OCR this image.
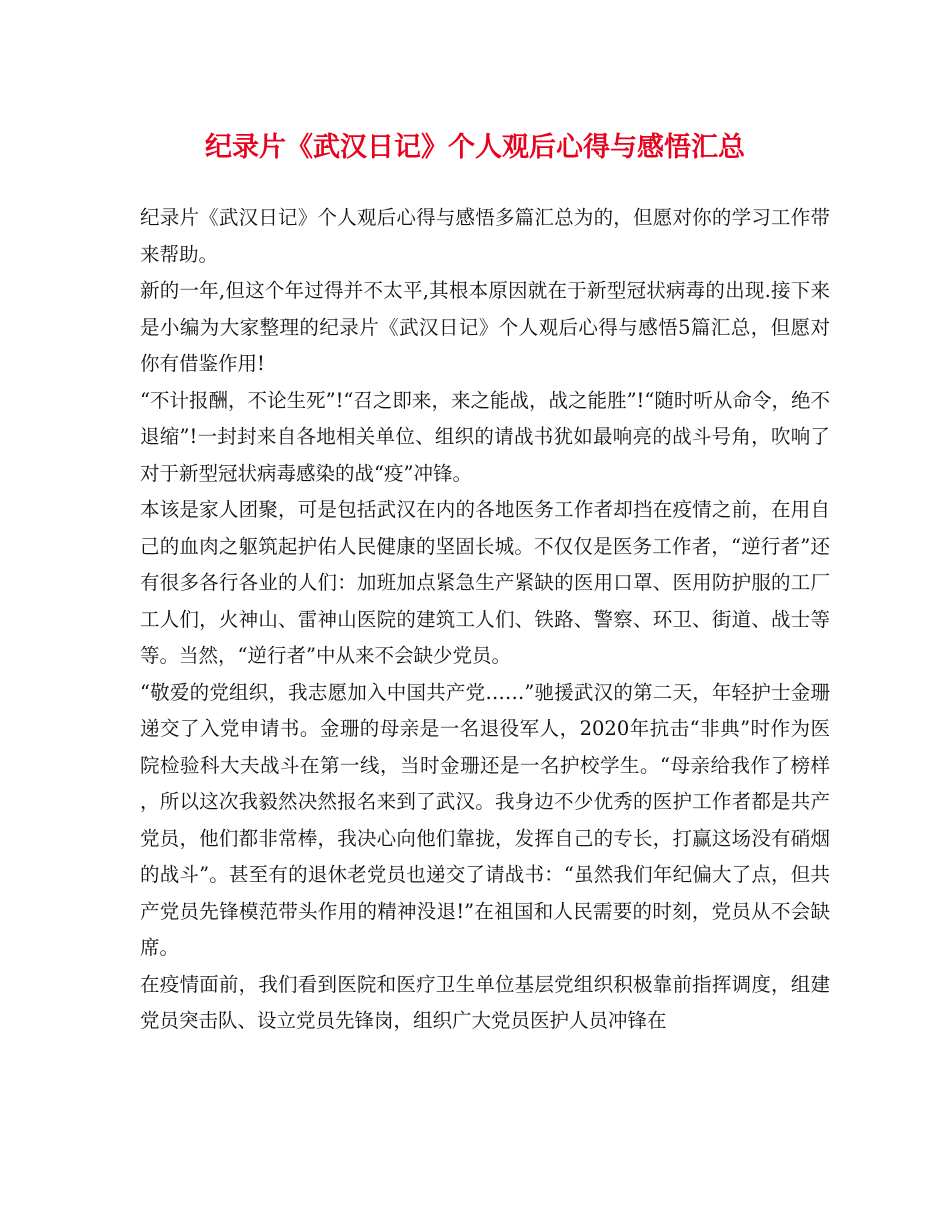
纪录片《武汉日记》个人观后心得与感悟汇总

纪录片《武汉日记》个人观后心得与感悟多篇汇总为的，但愿对你的学习工作带来帮助。

新的一年,但这个年过得并不太平,其根本原因就在于新型冠状病毒的出现.接下来是小编为大家整理的纪录片《武汉日记》个人观后心得与感悟5篇汇总，但愿对你有借鉴作用!

“不计报酬，不论生死”!“召之即来，来之能战，战之能胜”!“随时听从命令，绝不退缩”!一封封来自各地相关单位、组织的请战书犹如最响亮的战斗号角，吹响了对于新型冠状病毒感染的战“疫”冲锋。

本该是家人团聚，可是包括武汉在内的各地医务工作者却挡在疫情之前，在用自己的血肉之躯筑起护佑人民健康的坚固长城。不仅仅是医务工作者，“逆行者”还有很多各行各业的人们：加班加点紧急生产紧缺的医用口罩、医用防护服的工厂工人们，火神山、雷神山医院的建筑工人们、铁路、警察、环卫、街道、战士等等。当然，“逆行者”中从来不会缺少党员。

“敬爱的党组织，我志愿加入中国共产党……”驰援武汉的第二天，年轻护士金珊递交了入党申请书。金珊的母亲是一名退役军人，2020年抗击“非典”时作为医院检验科大夫战斗在第一线，当时金珊还是一名护校学生。“母亲给我作了榜样，所以这次我毅然决然报名来到了武汉。我身边不少优秀的医护工作者都是共产党员，他们都非常棒，我决心向他们靠拢，发挥自己的专长，打赢这场没有硝烟的战斗”。甚至有的退休老党员也递交了请战书：“虽然我们年纪偏大了点，但共产党员先锋模范带头作用的精神没退!”在祖国和人民需要的时刻，党员从不会缺席。

在疫情面前，我们看到医院和医疗卫生单位基层党组织积极靠前指挥调度，组建党员突击队、设立党员先锋岗，组织广大党员医护人员冲锋在
